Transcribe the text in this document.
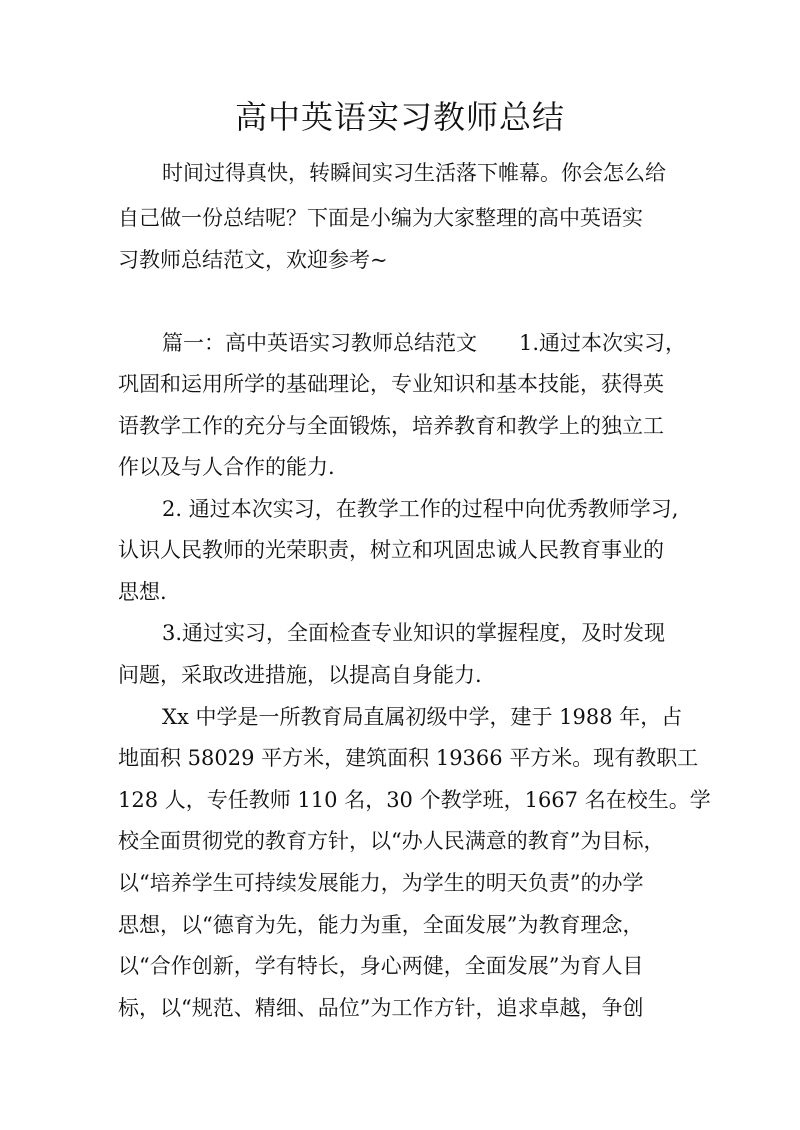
高中英语实习教师总结
时间过得真快，转瞬间实习生活落下帷幕。你会怎么给
自己做一份总结呢？下面是小编为大家整理的高中英语实
习教师总结范文，欢迎参考~
篇一：高中英语实习教师总结范文　　1.通过本次实习，
巩固和运用所学的基础理论，专业知识和基本技能，获得英
语教学工作的充分与全面锻炼，培养教育和教学上的独立工
作以及与人合作的能力.
2. 通过本次实习，在教学工作的过程中向优秀教师学习,
认识人民教师的光荣职责，树立和巩固忠诚人民教育事业的
思想.
3.通过实习，全面检查专业知识的掌握程度，及时发现
问题，采取改进措施，以提高自身能力.
Xx 中学是一所教育局直属初级中学，建于 1988 年，占
地面积 58029 平方米，建筑面积 19366 平方米。现有教职工
128 人，专任教师 110 名，30 个教学班，1667 名在校生。学
校全面贯彻党的教育方针，以“办人民满意的教育”为目标，
以“培养学生可持续发展能力，为学生的明天负责”的办学
思想，以“德育为先，能力为重，全面发展”为教育理念，
以“合作创新，学有特长，身心两健，全面发展”为育人目
标，以“规范、精细、品位”为工作方针，追求卓越，争创
